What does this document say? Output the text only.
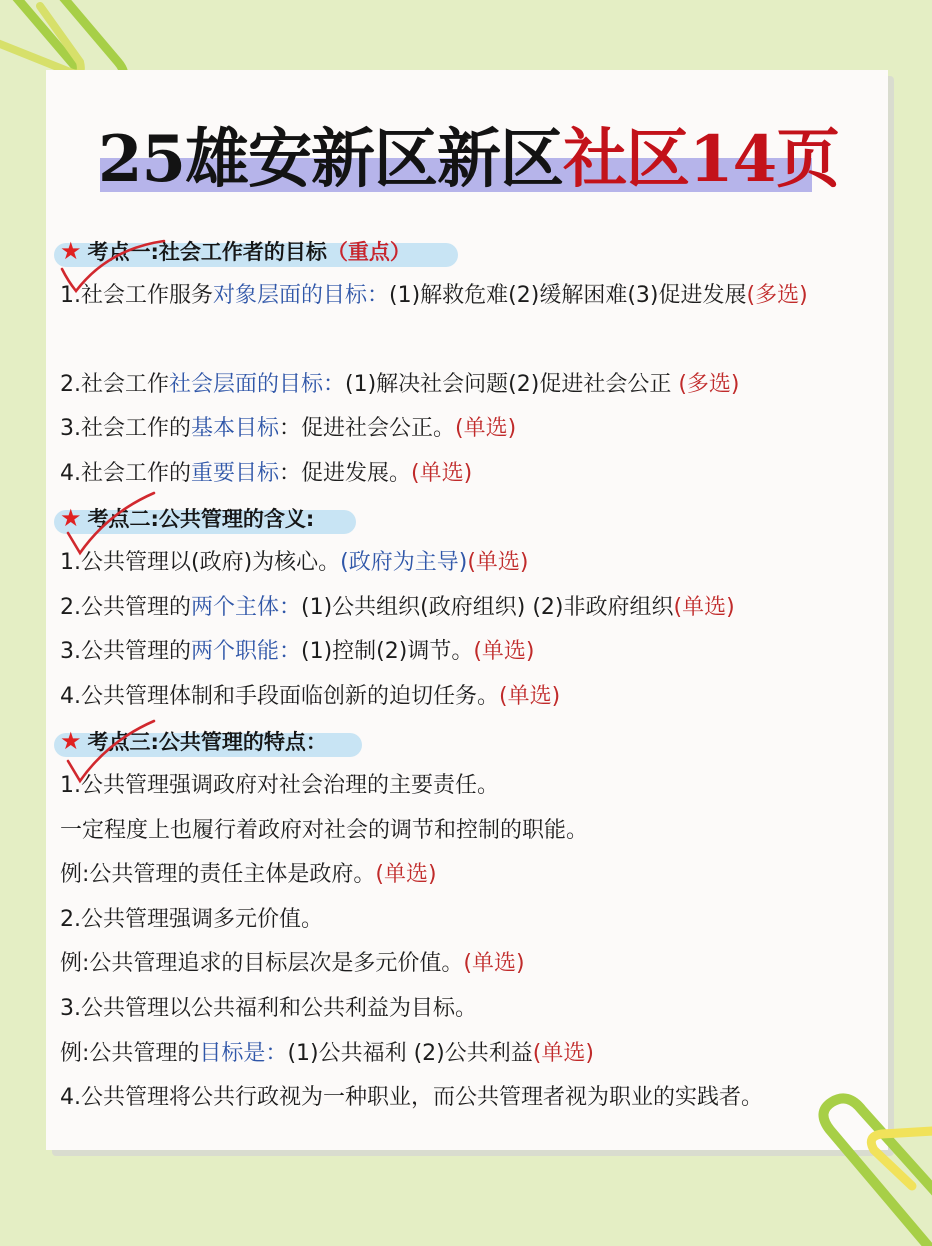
25雄安新区新区社区14页
★ 考点一:社会工作者的目标（重点）
1.社会工作服务对象层面的目标：(1)解救危难(2)缓解困难(3)促进发展(多选)
2.社会工作社会层面的目标：(1)解决社会问题(2)促进社会公正 (多选)
3.社会工作的基本目标：促进社会公正。(单选)
4.社会工作的重要目标：促进发展。(单选)
★ 考点二:公共管理的含义:
1.公共管理以(政府)为核心。(政府为主导)(单选)
2.公共管理的两个主体：(1)公共组织(政府组织) (2)非政府组织(单选)
3.公共管理的两个职能：(1)控制(2)调节。(单选)
4.公共管理体制和手段面临创新的迫切任务。(单选)
★ 考点三:公共管理的特点：
1.公共管理强调政府对社会治理的主要责任。
一定程度上也履行着政府对社会的调节和控制的职能。
例:公共管理的责任主体是政府。(单选)
2.公共管理强调多元价值。
例:公共管理追求的目标层次是多元价值。(单选)
3.公共管理以公共福利和公共利益为目标。
例:公共管理的目标是：(1)公共福利 (2)公共利益(单选)
4.公共管理将公共行政视为一种职业，而公共管理者视为职业的实践者。
